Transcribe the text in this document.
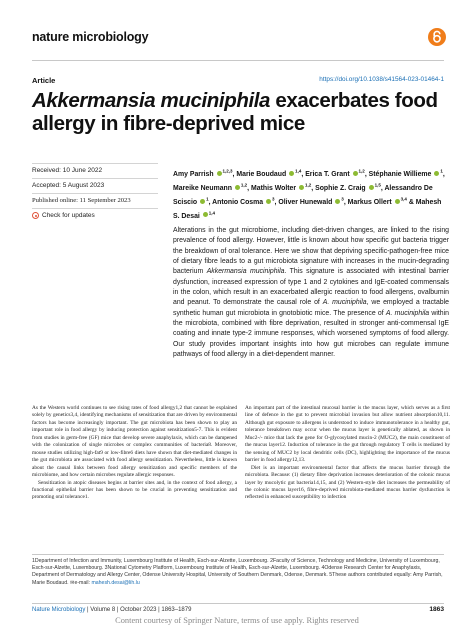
nature microbiology
Article	https://doi.org/10.1038/s41564-023-01464-1
Akkermansia muciniphila exacerbates food allergy in fibre-deprived mice
Received: 10 June 2022
Accepted: 5 August 2023
Published online: 11 September 2023
Check for updates
Amy Parrish $^{1,2,3}$, Marie Boudaud $^{1,4}$, Erica T. Grant $^{1,2}$, Stéphanie Willieme $^1$, Mareike Neumann $^{1,2}$, Mathis Wolter $^{1,2}$, Sophie Z. Craig $^{1,5}$, Alessandro De Sciscio $^1$, Antonio Cosma $^3$, Oliver Hunewald $^3$, Markus Ollert $^{3,4}$ & Mahesh S. Desai $^{1,4}$
Alterations in the gut microbiome, including diet-driven changes, are linked to the rising prevalence of food allergy. However, little is known about how specific gut bacteria trigger the breakdown of oral tolerance. Here we show that depriving specific-pathogen-free mice of dietary fibre leads to a gut microbiota signature with increases in the mucin-degrading bacterium Akkermansia muciniphila. This signature is associated with intestinal barrier dysfunction, increased expression of type 1 and 2 cytokines and IgE-coated commensals in the colon, which result in an exacerbated allergic reaction to food allergens, ovalbumin and peanut. To demonstrate the causal role of A. muciniphila, we employed a tractable synthetic human gut microbiota in gnotobiotic mice. The presence of A. muciniphila within the microbiota, combined with fibre deprivation, resulted in stronger anti-commensal IgE coating and innate type-2 immune responses, which worsened symptoms of food allergy. Our study provides important insights into how gut microbes can regulate immune pathways of food allergy in a diet-dependent manner.

As the Western world continues to see rising rates of food allergy1,2 that cannot be explained solely by genetics3,4, identifying mechanisms of sensitization that are driven by environmental factors has become increasingly important. The gut microbiota has been shown to play an important role in food allergy by inducing protection against sensitization5-7. This is evident from studies in germ-free (GF) mice that develop severe anaphylaxis, which can be dampened with the colonization of single microbes or complex communities of bacteria8. Moreover, mouse studies utilizing high-fat9 or low-fibre6 diets have shown that diet-mediated changes in the gut microbiota are associated with food allergy sensitization. Nevertheless, little is known about the causal links between food allergy sensitization and specific members of the microbiome, and how certain microbes regulate allergic responses.

Sensitization in atopic diseases begins at barrier sites and, in the context of food allergy, a functional epithelial barrier has been shown to be crucial in preventing sensitization and promoting oral tolerance1.

An important part of the intestinal mucosal barrier is the mucus layer, which serves as a first line of defence in the gut to prevent microbial invasion but allow nutrient absorption10,11. Although gut exposure to allergens is understood to induce immunotolerance in a healthy gut, tolerance breakdown may occur when the mucus layer is genetically ablated, as shown in Muc2-/- mice that lack the gene for O-glycosylated mucin-2 (MUC2), the main constituent of the mucus layer12. Induction of tolerance in the gut through regulatory T cells is mediated by the sensing of MUC2 by local dendritic cells (DC), highlighting the importance of the mucus barrier in food allergy12,13.

Diet is an important environmental factor that affects the mucus barrier through the microbiota. Because: (1) dietary fibre deprivation increases deterioration of the colonic mucus layer by mucolytic gut bacteria14,15, and (2) Western-style diet increases the permeability of the colonic mucus layer16, fibre-deprived microbiota-mediated mucus barrier dysfunction is reflected in enhanced susceptibility to infection

1Department of Infection and Immunity, Luxembourg Institute of Health, Esch-sur-Alzette, Luxembourg. 2Faculty of Science, Technology and Medicine, University of Luxembourg, Esch-sur-Alzette, Luxembourg. 3National Cytometry Platform, Luxembourg Institute of Health, Esch-sur-Alzette, Luxembourg. 4Odense Research Center for Anaphylaxis, Department of Dermatology and Allergy Center, Odense University Hospital, University of Southern Denmark, Odense, Denmark. 5These authors contributed equally: Amy Parrish, Marie Boudaud. ✉e-mail: mahesh.desai@lih.lu
Nature Microbiology | Volume 8 | October 2023 | 1863–1879	1863
Content courtesy of Springer Nature, terms of use apply. Rights reserved
